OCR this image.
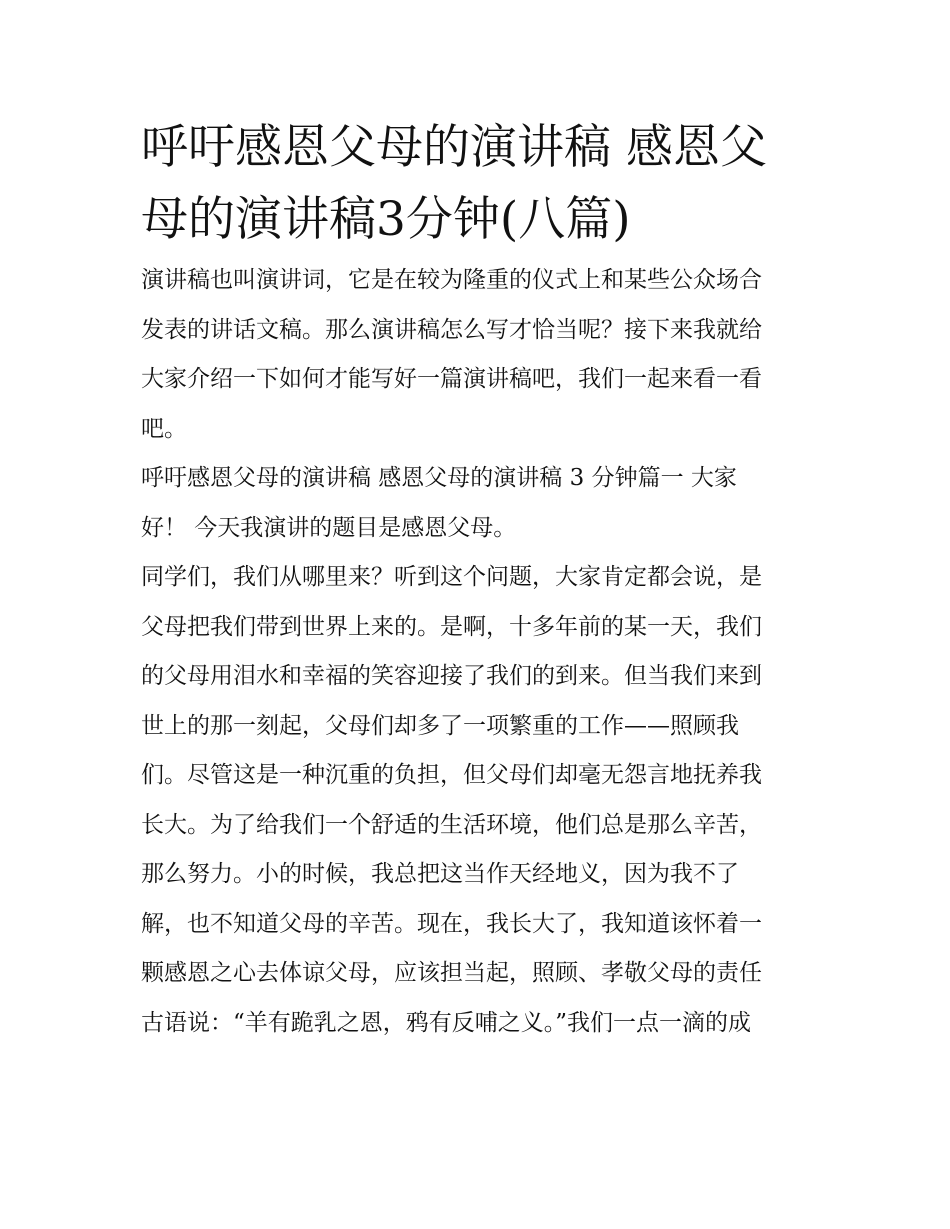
呼吁感恩父母的演讲稿 感恩父
母的演讲稿3分钟(八篇)

演讲稿也叫演讲词，它是在较为隆重的仪式上和某些公众场合
发表的讲话文稿。那么演讲稿怎么写才恰当呢？接下来我就给
大家介绍一下如何才能写好一篇演讲稿吧，我们一起来看一看
吧。

呼吁感恩父母的演讲稿 感恩父母的演讲稿 3 分钟篇一 大家
好！ 今天我演讲的题目是感恩父母。

同学们，我们从哪里来？听到这个问题，大家肯定都会说，是
父母把我们带到世界上来的。是啊，十多年前的某一天，我们
的父母用泪水和幸福的笑容迎接了我们的到来。但当我们来到
世上的那一刻起，父母们却多了一项繁重的工作——照顾我
们。尽管这是一种沉重的负担，但父母们却毫无怨言地抚养我
长大。为了给我们一个舒适的生活环境，他们总是那么辛苦，
那么努力。小的时候，我总把这当作天经地义，因为我不了
解，也不知道父母的辛苦。现在，我长大了，我知道该怀着一
颗感恩之心去体谅父母，应该担当起，照顾、孝敬父母的责任
古语说：“羊有跪乳之恩，鸦有反哺之义。”我们一点一滴的成
